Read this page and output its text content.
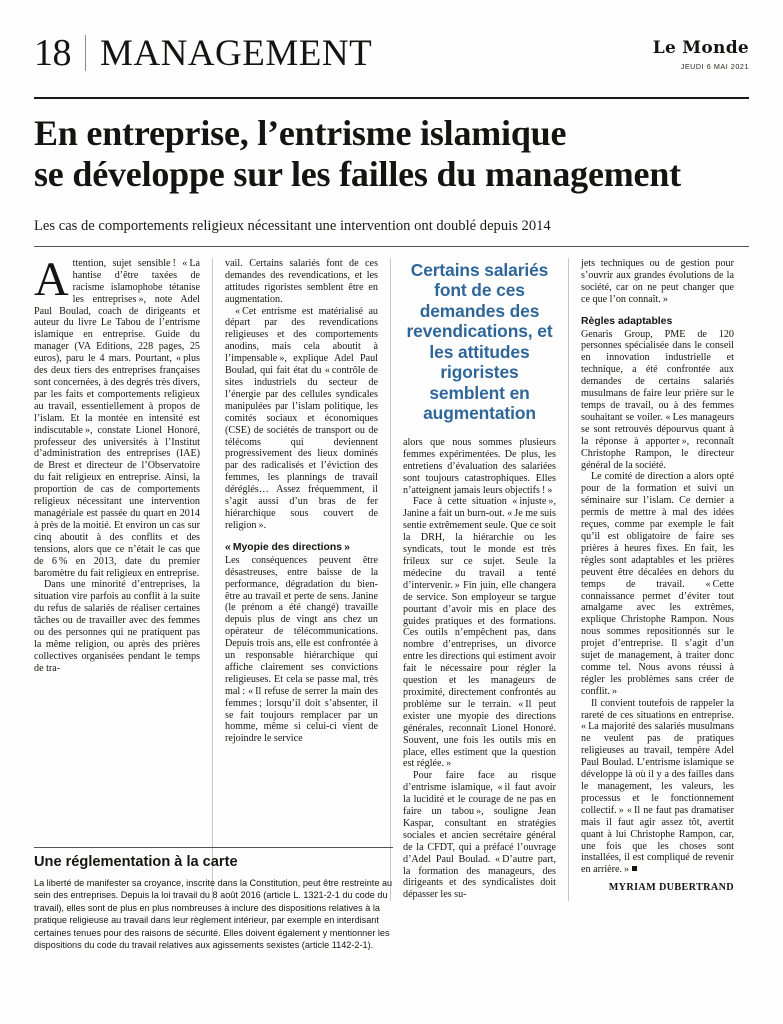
18 MANAGEMENT	Le Monde
JEUDI 6 MAI 2021
En entreprise, l’entrisme islamique
se développe sur les failles du management
Les cas de comportements religieux nécessitant une intervention ont doublé depuis 2014

Attention, sujet sensible ! « La hantise d’être taxées de racisme islamophobe tétanise les entreprises », note Adel Paul Boulad, coach de dirigeants et auteur du livre Le Tabou de l’entrisme islamique en entreprise. Guide du manager (VA Editions, 228 pages, 25 euros), paru le 4 mars. Pourtant, « plus des deux tiers des entreprises françaises sont concernées, à des degrés très divers, par les faits et comportements religieux au travail, essentiellement à propos de l’islam. Et la montée en intensité est indiscutable », constate Lionel Honoré, professeur des universités à l’Institut d’administration des entreprises (IAE) de Brest et directeur de l’Observatoire du fait religieux en entreprise. Ainsi, la proportion de cas de comportements religieux nécessitant une intervention managériale est passée du quart en 2014 à près de la moitié. Et environ un cas sur cinq aboutit à des conflits et des tensions, alors que ce n’était le cas que de 6 % en 2013, date du premier baromètre du fait religieux en entreprise.

Dans une minorité d’entreprises, la situation vire parfois au conflit à la suite du refus de salariés de réaliser certaines tâches ou de travailler avec des femmes ou des personnes qui ne pratiquent pas la même religion, ou après des prières collectives organisées pendant le temps de tra-

vail. Certains salariés font de ces demandes des revendications, et les attitudes rigoristes semblent être en augmentation.

« Cet entrisme est matérialisé au départ par des revendications religieuses et des comportements anodins, mais cela aboutit à l’impensable », explique Adel Paul Boulad, qui fait état du « contrôle de sites industriels du secteur de l’énergie par des cellules syndicales manipulées par l’islam politique, les comités sociaux et économiques (CSE) de sociétés de transport ou de télécoms qui deviennent progressivement des lieux dominés par des radicalisés et l’éviction des femmes, les plannings de travail déréglés… Assez fréquemment, il s’agit aussi d’un bras de fer hiérarchique sous couvert de religion ».

« Myopie des directions »

Les conséquences peuvent être désastreuses, entre baisse de la performance, dégradation du bien-être au travail et perte de sens. Janine (le prénom a été changé) travaille depuis plus de vingt ans chez un opérateur de télécommunications. Depuis trois ans, elle est confrontée à un responsable hiérarchique qui affiche clairement ses convictions religieuses. Et cela se passe mal, très mal : « Il refuse de serrer la main des femmes ; lorsqu’il doit s’absenter, il se fait toujours remplacer par un homme, même si celui-ci vient de rejoindre le service

Certains salariés font de ces demandes des revendications, et les attitudes rigoristes semblent en augmentation

alors que nous sommes plusieurs femmes expérimentées. De plus, les entretiens d’évaluation des salariées sont toujours catastrophiques. Elles n’atteignent jamais leurs objectifs ! »

Face à cette situation « injuste », Janine a fait un burn-out. « Je me suis sentie extrêmement seule. Que ce soit la DRH, la hiérarchie ou les syndicats, tout le monde est très frileux sur ce sujet. Seule la médecine du travail a tenté d’intervenir. » Fin juin, elle changera de service. Son employeur se targue pourtant d’avoir mis en place des guides pratiques et des formations. Ces outils n’empêchent pas, dans nombre d’entreprises, un divorce entre les directions qui estiment avoir fait le nécessaire pour régler la question et les manageurs de proximité, directement confrontés au problème sur le terrain. « Il peut exister une myopie des directions générales, reconnaît Lionel Honoré. Souvent, une fois les outils mis en place, elles estiment que la question est réglée. »

Pour faire face au risque d’entrisme islamique, « il faut avoir la lucidité et le courage de ne pas en faire un tabou », souligne Jean Kaspar, consultant en stratégies sociales et ancien secrétaire général de la CFDT, qui a préfacé l’ouvrage d’Adel Paul Boulad. « D’autre part, la formation des manageurs, des dirigeants et des syndicalistes doit dépasser les su-

jets techniques ou de gestion pour s’ouvrir aux grandes évolutions de la société, car on ne peut changer que ce que l’on connaît. »

Règles adaptables

Genaris Group, PME de 120 personnes spécialisée dans le conseil en innovation industrielle et technique, a été confrontée aux demandes de certains salariés musulmans de faire leur prière sur le temps de travail, ou à des femmes souhaitant se voiler. « Les manageurs se sont retrouvés dépourvus quant à la réponse à apporter », reconnaît Christophe Rampon, le directeur général de la société.

Le comité de direction a alors opté pour de la formation et suivi un séminaire sur l’islam. Ce dernier a permis de mettre à mal des idées reçues, comme par exemple le fait qu’il est obligatoire de faire ses prières à heures fixes. En fait, les règles sont adaptables et les prières peuvent être décalées en dehors du temps de travail. « Cette connaissance permet d’éviter tout amalgame avec les extrêmes, explique Christophe Rampon. Nous nous sommes repositionnés sur le projet d’entreprise. Il s’agit d’un sujet de management, à traiter donc comme tel. Nous avons réussi à régler les problèmes sans créer de conflit. »

Il convient toutefois de rappeler la rareté de ces situations en entreprise. « La majorité des salariés musulmans ne veulent pas de pratiques religieuses au travail, tempère Adel Paul Boulad. L’entrisme islamique se développe là où il y a des failles dans le management, les valeurs, les processus et le fonctionnement collectif. » « Il ne faut pas dramatiser mais il faut agir assez tôt, avertit quant à lui Christophe Rampon, car, une fois que les choses sont installées, il est compliqué de revenir en arrière. »

MYRIAM DUBERTRAND
Une réglementation à la carte
La liberté de manifester sa croyance, inscrite dans la Constitution, peut être restreinte au sein des entreprises. Depuis la loi travail du 8 août 2016 (article L. 1321-2-1 du code du travail), elles sont de plus en plus nombreuses à inclure des dispositions relatives à la pratique religieuse au travail dans leur règlement intérieur, par exemple en interdisant certaines tenues pour des raisons de sécurité. Elles doivent également y mentionner les dispositions du code du travail relatives aux agissements sexistes (article 1142-2-1).
